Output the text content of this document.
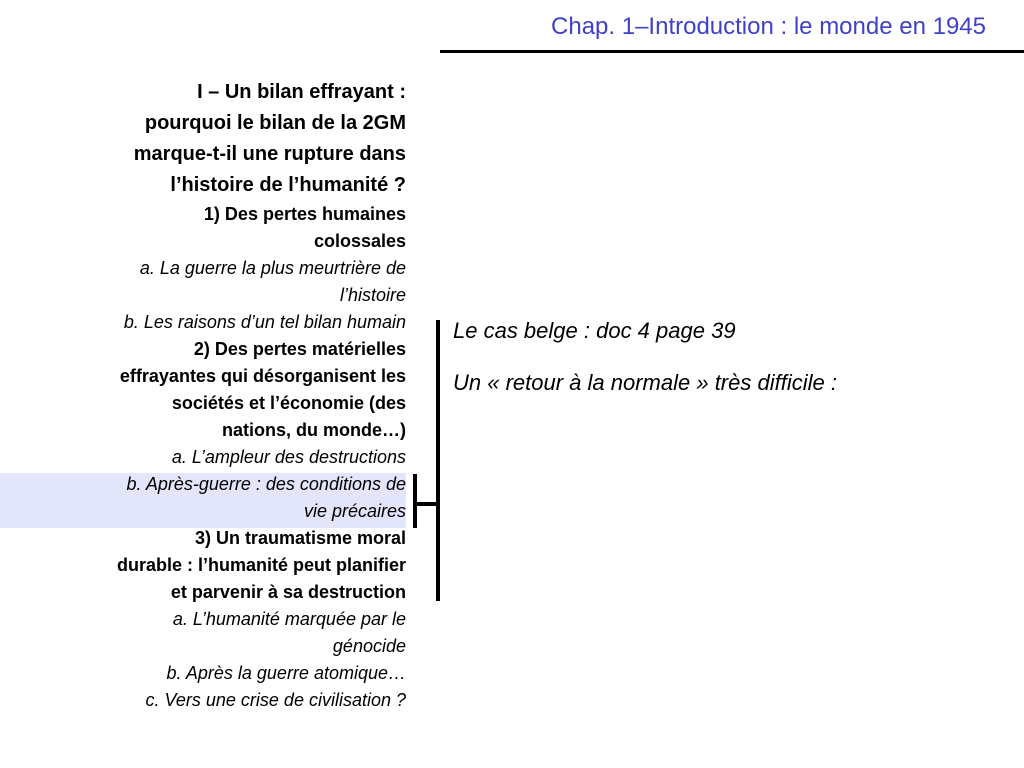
Chap. 1–Introduction : le monde en 1945
I – Un bilan effrayant :
pourquoi le bilan de la 2GM
marque-t-il une rupture dans
l’histoire de l’humanité ?
1) Des pertes humaines
colossales
a. La guerre la plus meurtrière de
l’histoire
b. Les raisons d’un tel bilan humain
2) Des pertes matérielles
effrayantes qui désorganisent les
sociétés et l’économie (des
nations, du monde…)
a. L’ampleur des destructions
b. Après-guerre : des conditions de
vie précaires
3) Un traumatisme moral
durable : l’humanité peut planifier
et parvenir à sa destruction
a. L’humanité marquée par le
génocide
b. Après la guerre atomique…
c. Vers une crise de civilisation ?
Le cas belge : doc 4 page 39
Un « retour à la normale » très difficile :
